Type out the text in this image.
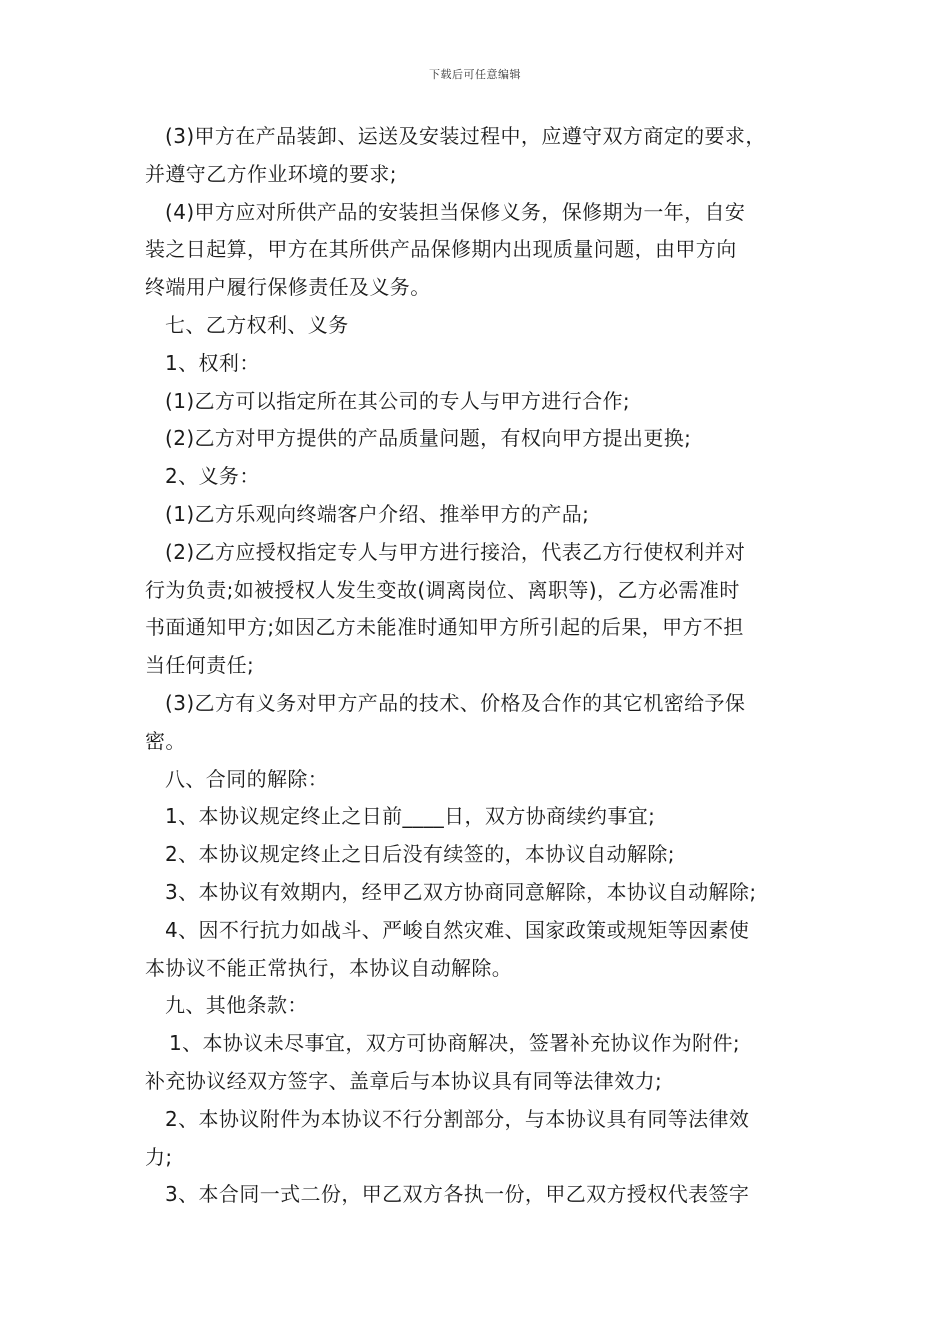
下载后可任意编辑
(3)甲方在产品装卸、运送及安装过程中，应遵守双方商定的要求，
并遵守乙方作业环境的要求;
(4)甲方应对所供产品的安装担当保修义务，保修期为一年，自安
装之日起算，甲方在其所供产品保修期内出现质量问题，由甲方向
终端用户履行保修责任及义务。
七、乙方权利、义务
1、权利：
(1)乙方可以指定所在其公司的专人与甲方进行合作;
(2)乙方对甲方提供的产品质量问题，有权向甲方提出更换;
2、义务：
(1)乙方乐观向终端客户介绍、推举甲方的产品;
(2)乙方应授权指定专人与甲方进行接洽，代表乙方行使权利并对
行为负责;如被授权人发生变故(调离岗位、离职等)，乙方必需准时
书面通知甲方;如因乙方未能准时通知甲方所引起的后果，甲方不担
当任何责任;
(3)乙方有义务对甲方产品的技术、价格及合作的其它机密给予保
密。
八、合同的解除：
1、本协议规定终止之日前____日，双方协商续约事宜;
2、本协议规定终止之日后没有续签的，本协议自动解除;
3、本协议有效期内，经甲乙双方协商同意解除，本协议自动解除;
4、因不行抗力如战斗、严峻自然灾难、国家政策或规矩等因素使
本协议不能正常执行，本协议自动解除。
九、其他条款：
1、本协议未尽事宜，双方可协商解决，签署补充协议作为附件;
补充协议经双方签字、盖章后与本协议具有同等法律效力;
2、本协议附件为本协议不行分割部分，与本协议具有同等法律效
力;
3、本合同一式二份，甲乙双方各执一份，甲乙双方授权代表签字
